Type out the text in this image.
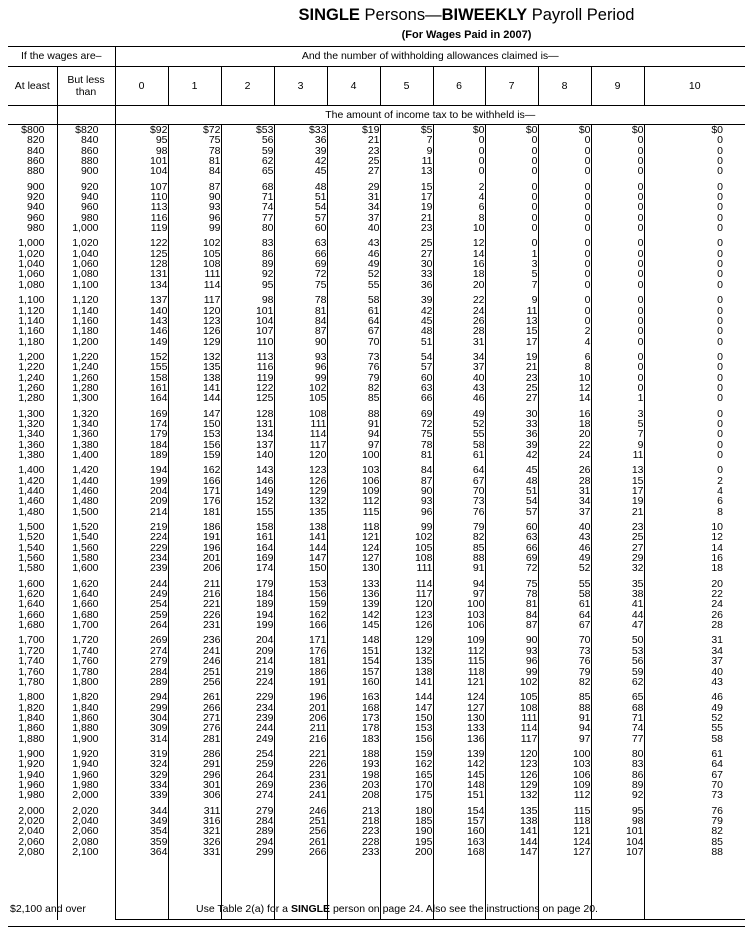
SINGLE Persons—BIWEEKLY Payroll Period
(For Wages Paid in 2007)
If the wages are–		And the number of withholding allowances claimed is—										
At least	But less than	0	1	2	3	4	5	6	7	8	9	10
		The amount of income tax to be withheld is—										
$800	$820	$92	$72	$53	$33	$19	$5	$0	$0	$0	$0	$0
820	840	95	75	56	36	21	7	0	0	0	0	0
840	860	98	78	59	39	23	9	0	0	0	0	0
860	880	101	81	62	42	25	11	0	0	0	0	0
880	900	104	84	65	45	27	13	0	0	0	0	0

900	920	107	87	68	48	29	15	2	0	0	0	0
920	940	110	90	71	51	31	17	4	0	0	0	0
940	960	113	93	74	54	34	19	6	0	0	0	0
960	980	116	96	77	57	37	21	8	0	0	0	0
980	1,000	119	99	80	60	40	23	10	0	0	0	0

1,000	1,020	122	102	83	63	43	25	12	0	0	0	0
1,020	1,040	125	105	86	66	46	27	14	1	0	0	0
1,040	1,060	128	108	89	69	49	30	16	3	0	0	0
1,060	1,080	131	111	92	72	52	33	18	5	0	0	0
1,080	1,100	134	114	95	75	55	36	20	7	0	0	0

1,100	1,120	137	117	98	78	58	39	22	9	0	0	0
1,120	1,140	140	120	101	81	61	42	24	11	0	0	0
1,140	1,160	143	123	104	84	64	45	26	13	0	0	0
1,160	1,180	146	126	107	87	67	48	28	15	2	0	0
1,180	1,200	149	129	110	90	70	51	31	17	4	0	0

1,200	1,220	152	132	113	93	73	54	34	19	6	0	0
1,220	1,240	155	135	116	96	76	57	37	21	8	0	0
1,240	1,260	158	138	119	99	79	60	40	23	10	0	0
1,260	1,280	161	141	122	102	82	63	43	25	12	0	0
1,280	1,300	164	144	125	105	85	66	46	27	14	1	0

1,300	1,320	169	147	128	108	88	69	49	30	16	3	0
1,320	1,340	174	150	131	111	91	72	52	33	18	5	0
1,340	1,360	179	153	134	114	94	75	55	36	20	7	0
1,360	1,380	184	156	137	117	97	78	58	39	22	9	0
1,380	1,400	189	159	140	120	100	81	61	42	24	11	0

1,400	1,420	194	162	143	123	103	84	64	45	26	13	0
1,420	1,440	199	166	146	126	106	87	67	48	28	15	2
1,440	1,460	204	171	149	129	109	90	70	51	31	17	4
1,460	1,480	209	176	152	132	112	93	73	54	34	19	6
1,480	1,500	214	181	155	135	115	96	76	57	37	21	8

1,500	1,520	219	186	158	138	118	99	79	60	40	23	10
1,520	1,540	224	191	161	141	121	102	82	63	43	25	12
1,540	1,560	229	196	164	144	124	105	85	66	46	27	14
1,560	1,580	234	201	169	147	127	108	88	69	49	29	16
1,580	1,600	239	206	174	150	130	111	91	72	52	32	18

1,600	1,620	244	211	179	153	133	114	94	75	55	35	20
1,620	1,640	249	216	184	156	136	117	97	78	58	38	22
1,640	1,660	254	221	189	159	139	120	100	81	61	41	24
1,660	1,680	259	226	194	162	142	123	103	84	64	44	26
1,680	1,700	264	231	199	166	145	126	106	87	67	47	28

1,700	1,720	269	236	204	171	148	129	109	90	70	50	31
1,720	1,740	274	241	209	176	151	132	112	93	73	53	34
1,740	1,760	279	246	214	181	154	135	115	96	76	56	37
1,760	1,780	284	251	219	186	157	138	118	99	79	59	40
1,780	1,800	289	256	224	191	160	141	121	102	82	62	43

1,800	1,820	294	261	229	196	163	144	124	105	85	65	46
1,820	1,840	299	266	234	201	168	147	127	108	88	68	49
1,840	1,860	304	271	239	206	173	150	130	111	91	71	52
1,860	1,880	309	276	244	211	178	153	133	114	94	74	55
1,880	1,900	314	281	249	216	183	156	136	117	97	77	58

1,900	1,920	319	286	254	221	188	159	139	120	100	80	61
1,920	1,940	324	291	259	226	193	162	142	123	103	83	64
1,940	1,960	329	296	264	231	198	165	145	126	106	86	67
1,960	1,980	334	301	269	236	203	170	148	129	109	89	70
1,980	2,000	339	306	274	241	208	175	151	132	112	92	73

2,000	2,020	344	311	279	246	213	180	154	135	115	95	76
2,020	2,040	349	316	284	251	218	185	157	138	118	98	79
2,040	2,060	354	321	289	256	223	190	160	141	121	101	82
2,060	2,080	359	326	294	261	228	195	163	144	124	104	85
2,080	2,100	364	331	299	266	233	200	168	147	127	107	88

$2,100 and over	Use Table 2(a) for a SINGLE person on page 24. Also see the instructions on page 20.
